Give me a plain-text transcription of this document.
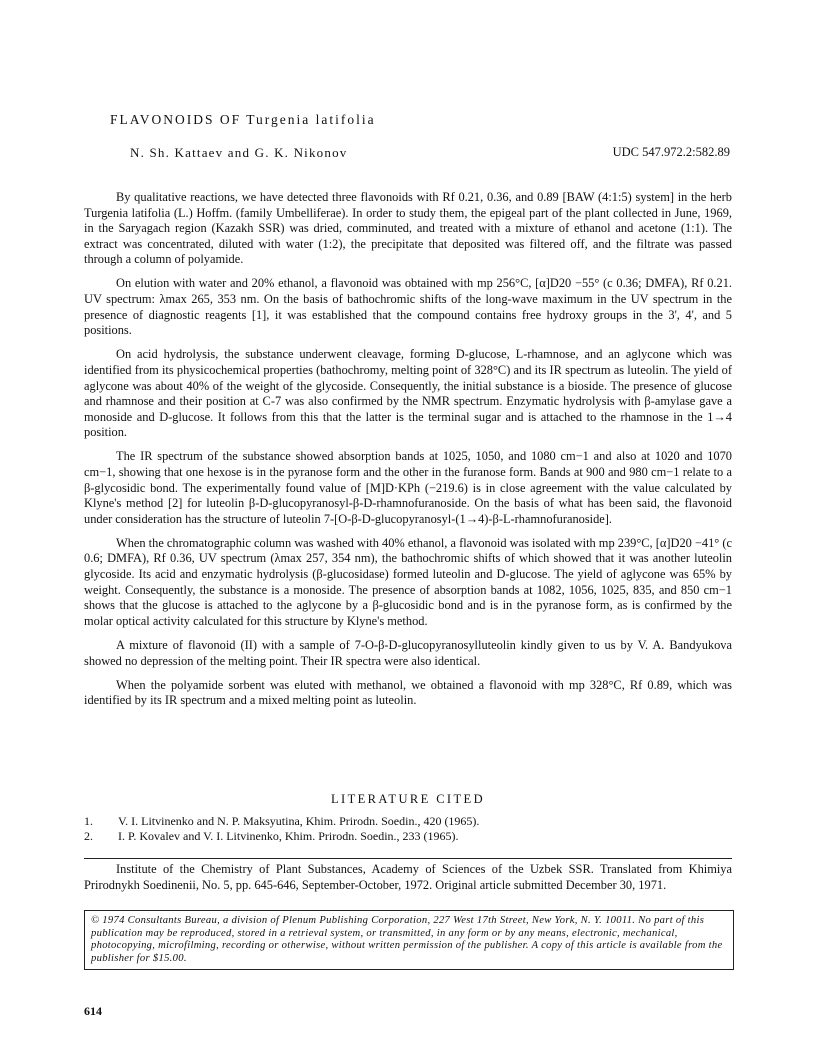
FLAVONOIDS OF Turgenia latifolia
N. Sh. Kattaev and G. K. Nikonov	UDC 547.972.2:582.89

By qualitative reactions, we have detected three flavonoids with Rf 0.21, 0.36, and 0.89 [BAW (4:1:5) system] in the herb Turgenia latifolia (L.) Hoffm. (family Umbelliferae). In order to study them, the epigeal part of the plant collected in June, 1969, in the Saryagach region (Kazakh SSR) was dried, comminuted, and treated with a mixture of ethanol and acetone (1:1). The extract was concentrated, diluted with water (1:2), the precipitate that deposited was filtered off, and the filtrate was passed through a column of polyamide.

On elution with water and 20% ethanol, a flavonoid was obtained with mp 256°C, [α]D20 −55° (c 0.36; DMFA), Rf 0.21. UV spectrum: λmax 265, 353 nm. On the basis of bathochromic shifts of the long-wave maximum in the UV spectrum in the presence of diagnostic reagents [1], it was established that the compound contains free hydroxy groups in the 3', 4', and 5 positions.

On acid hydrolysis, the substance underwent cleavage, forming D-glucose, L-rhamnose, and an aglycone which was identified from its physicochemical properties (bathochromy, melting point of 328°C) and its IR spectrum as luteolin. The yield of aglycone was about 40% of the weight of the glycoside. Consequently, the initial substance is a bioside. The presence of glucose and rhamnose and their position at C-7 was also confirmed by the NMR spectrum. Enzymatic hydrolysis with β-amylase gave a monoside and D-glucose. It follows from this that the latter is the terminal sugar and is attached to the rhamnose in the 1→4 position.

The IR spectrum of the substance showed absorption bands at 1025, 1050, and 1080 cm−1 and also at 1020 and 1070 cm−1, showing that one hexose is in the pyranose form and the other in the furanose form. Bands at 900 and 980 cm−1 relate to a β-glycosidic bond. The experimentally found value of [M]D·KPh (−219.6) is in close agreement with the value calculated by Klyne's method [2] for luteolin β-D-glucopyranosyl-β-D-rhamnofuranoside. On the basis of what has been said, the flavonoid under consideration has the structure of luteolin 7-[O-β-D-glucopyranosyl-(1→4)-β-L-rhamnofuranoside].

When the chromatographic column was washed with 40% ethanol, a flavonoid was isolated with mp 239°C, [α]D20 −41° (c 0.6; DMFA), Rf 0.36, UV spectrum (λmax 257, 354 nm), the bathochromic shifts of which showed that it was another luteolin glycoside. Its acid and enzymatic hydrolysis (β-glucosidase) formed luteolin and D-glucose. The yield of aglycone was 65% by weight. Consequently, the substance is a monoside. The presence of absorption bands at 1082, 1056, 1025, 835, and 850 cm−1 shows that the glucose is attached to the aglycone by a β-glucosidic bond and is in the pyranose form, as is confirmed by the molar optical activity calculated for this structure by Klyne's method.

A mixture of flavonoid (II) with a sample of 7-O-β-D-glucopyranosylluteolin kindly given to us by V. A. Bandyukova showed no depression of the melting point. Their IR spectra were also identical.

When the polyamide sorbent was eluted with methanol, we obtained a flavonoid with mp 328°C, Rf 0.89, which was identified by its IR spectrum and a mixed melting point as luteolin.

LITERATURE CITED
1.	V. I. Litvinenko and N. P. Maksyutina, Khim. Prirodn. Soedin., 420 (1965).
2.	I. P. Kovalev and V. I. Litvinenko, Khim. Prirodn. Soedin., 233 (1965).
Institute of the Chemistry of Plant Substances, Academy of Sciences of the Uzbek SSR. Translated from Khimiya Prirodnykh Soedinenii, No. 5, pp. 645-646, September-October, 1972. Original article submitted December 30, 1971.
© 1974 Consultants Bureau, a division of Plenum Publishing Corporation, 227 West 17th Street, New York, N. Y. 10011. No part of this publication may be reproduced, stored in a retrieval system, or transmitted, in any form or by any means, electronic, mechanical, photocopying, microfilming, recording or otherwise, without written permission of the publisher. A copy of this article is available from the publisher for $15.00.
614
